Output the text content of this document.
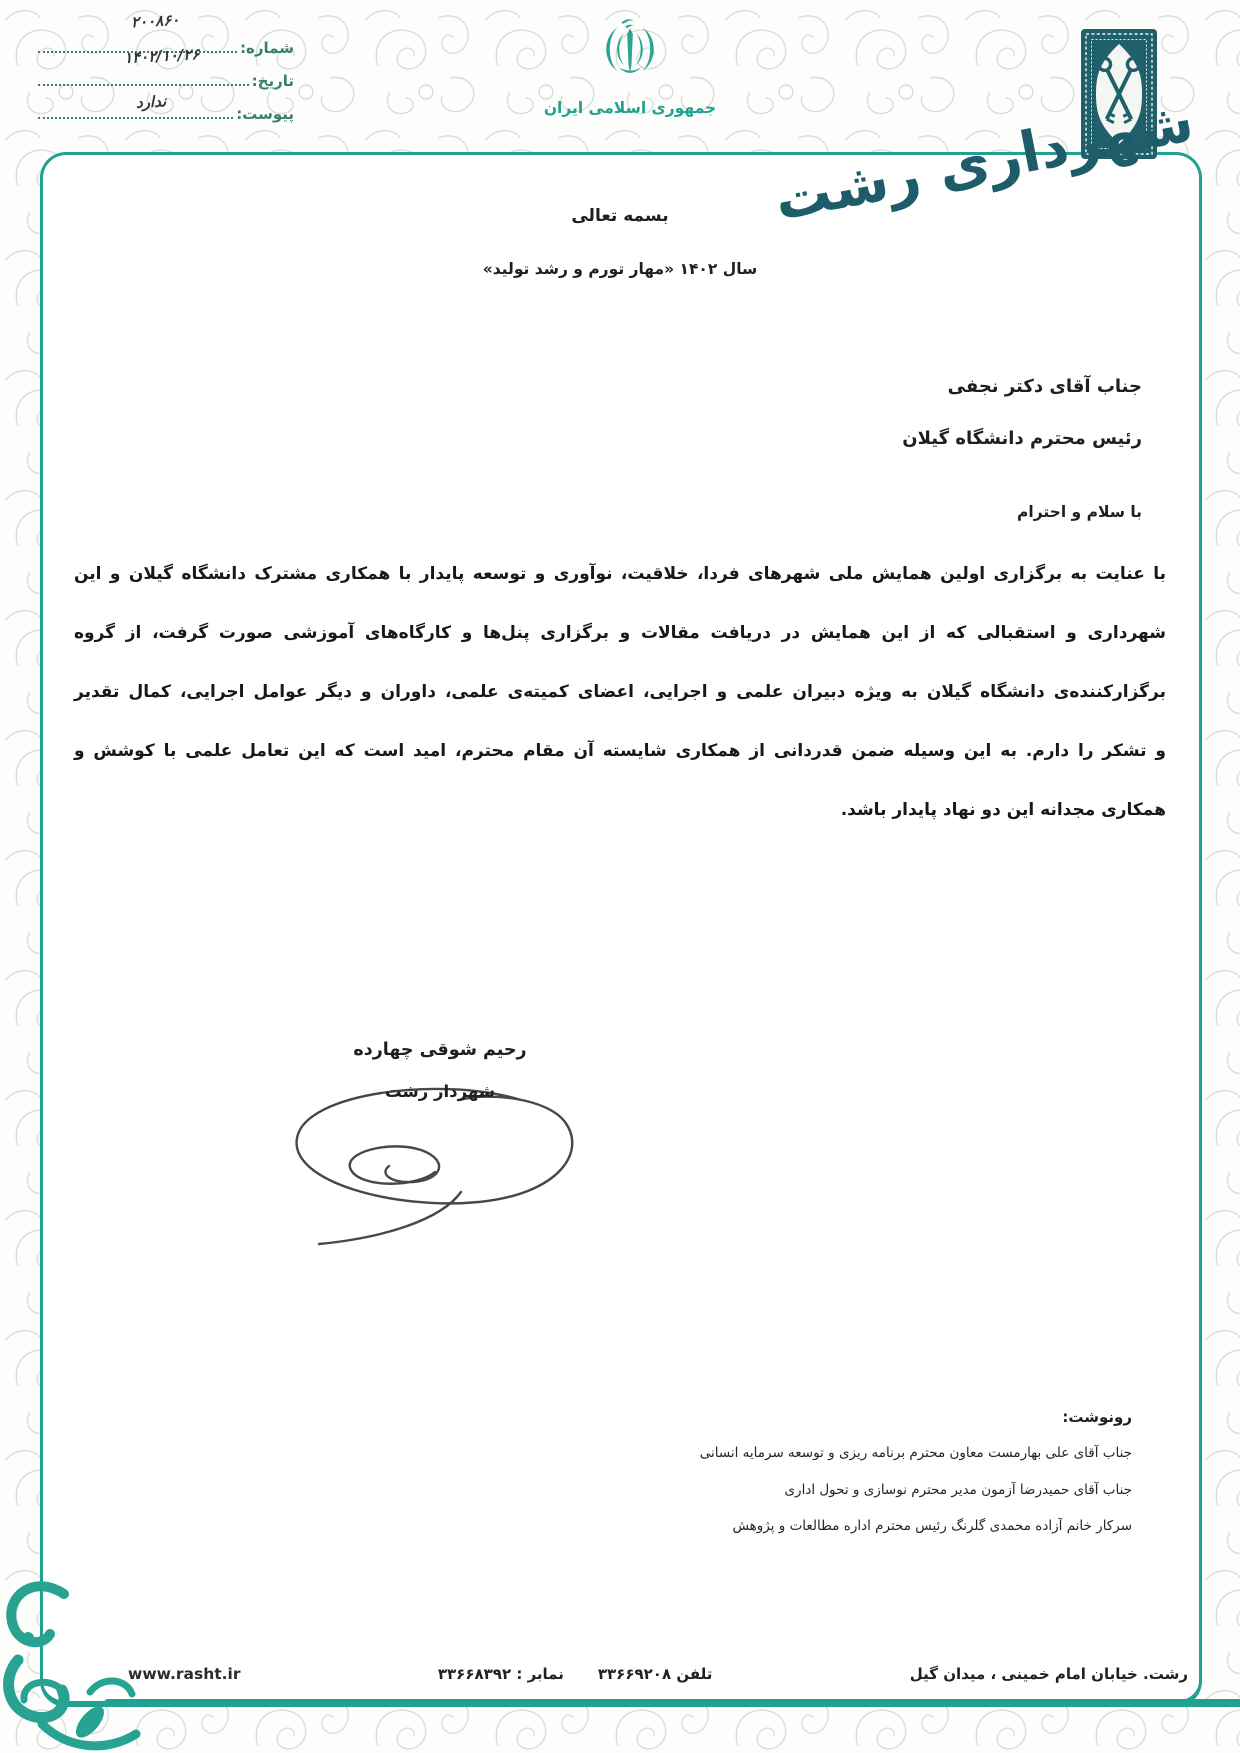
شماره:
۲۰۰۸۶۰
تاریخ:
۱۴۰۲/۱۰/۲۶
پیوست:
ندارد	جمهوری اسلامی ایران شهرداری رشت
بسمه تعالی
سال ۱۴۰۲ «مهار تورم و رشد تولید»
جناب آقای دکتر نجفی
رئیس محترم دانشگاه گیلان
با سلام و احترام
با عنایت به برگزاری اولین همایش ملی شهرهای فردا، خلاقیت، نوآوری و توسعه پایدار با همکاری مشترک دانشگاه گیلان و این
شهرداری و استقبالی که از این همایش در دریافت مقالات و برگزاری پنل‌ها و کارگاه‌های آموزشی صورت گرفت، از گروه
برگزارکننده‌ی دانشگاه گیلان به ویژه دبیران علمی و اجرایی، اعضای کمیته‌ی علمی، داوران و دیگر عوامل اجرایی، کمال تقدیر
و تشکر را دارم. به این وسیله ضمن قدردانی از همکاری شایسته آن مقام محترم، امید است که این تعامل علمی با کوشش و
همکاری مجدانه این دو نهاد پایدار باشد.
رحیم شوقی چهارده
شهردار رشت
رونوشت:
جناب آقای علی بهارمست معاون محترم برنامه ریزی و توسعه سرمایه انسانی
جناب آقای حمیدرضا آزمون مدیر محترم نوسازی و تحول اداری
سرکار خانم آزاده محمدی گلرنگ رئیس محترم اداره مطالعات و پژوهش
رشت. خیابان امام خمینی ، میدان گیل
تلفن ۳۳۶۶۹۲۰۸
نمابر : ۳۳۶۶۸۳۹۲
www.rasht.ir
